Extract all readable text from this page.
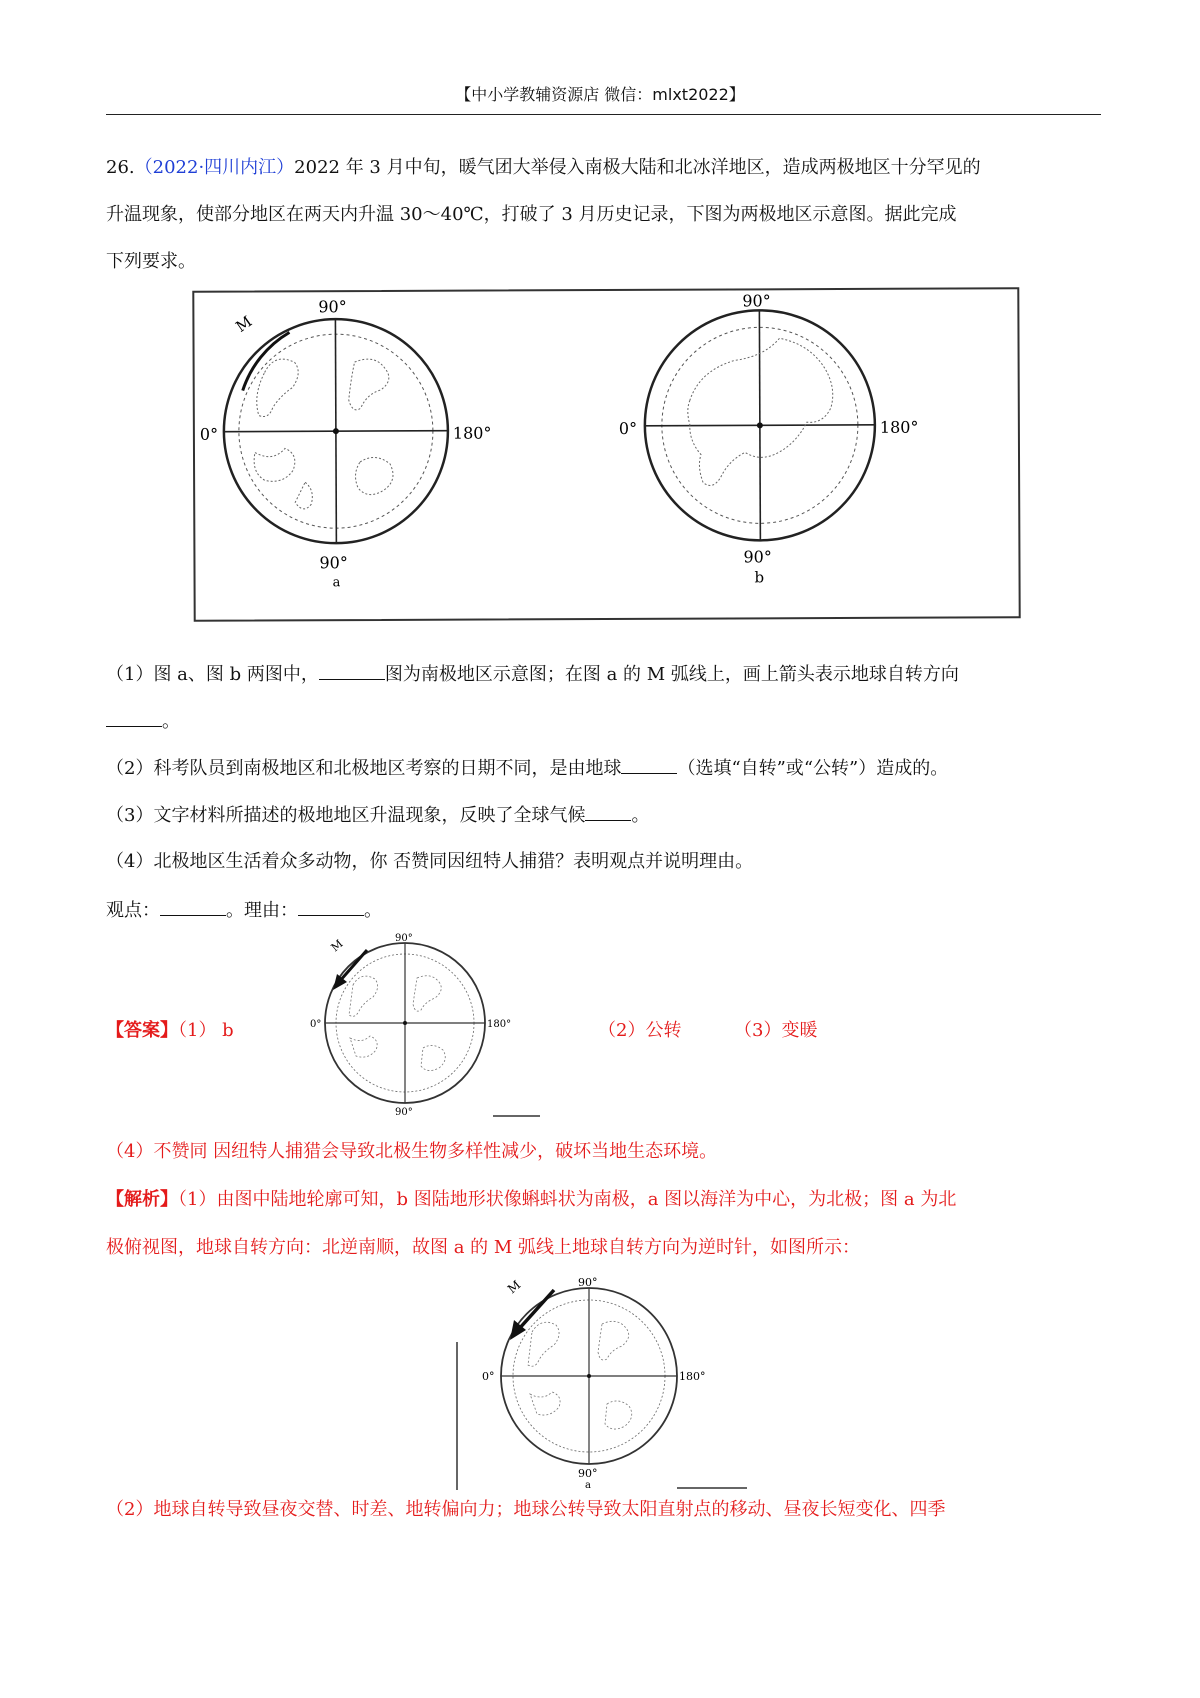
【中小学教辅资源店 微信：mlxt2022】
26.（2022·四川内江）2022 年 3 月中旬，暖气团大举侵入南极大陆和北冰洋地区，造成两极地区十分罕见的
升温现象，使部分地区在两天内升温 30～40℃，打破了 3 月历史记录，下图为两极地区示意图。据此完成
下列要求。
M
90°
90°
0°	180°
a
90°
90°
0°	180°
b
（1）图 a、图 b 两图中，	图为南极地区示意图；在图 a 的 M 弧线上，画上箭头表示地球自转方向
。
（2）科考队员到南极地区和北极地区考察的日期不同，是由地球	（选填“自转”或“公转”）造成的。
（3）文字材料所描述的极地地区升温现象，反映了全球气候	。
（4）北极地区生活着众多动物，你 否赞同因纽特人捕猎？表明观点并说明理由。
观点：	。理由：	。
【答案】（1） b
M	90°
90°
0°	180°	（2）公转	（3）变暖
（4）不赞同 因纽特人捕猎会导致北极生物多样性减少，破坏当地生态环境。
【解析】（1）由图中陆地轮廓可知，b 图陆地形状像蝌蚪状为南极，a 图以海洋为中心，为北极；图 a 为北
极俯视图，地球自转方向：北逆南顺，故图 a 的 M 弧线上地球自转方向为逆时针，如图所示：
M	90°
90°
0°	180°
a
（2）地球自转导致昼夜交替、时差、地转偏向力；地球公转导致太阳直射点的移动、昼夜长短变化、四季
